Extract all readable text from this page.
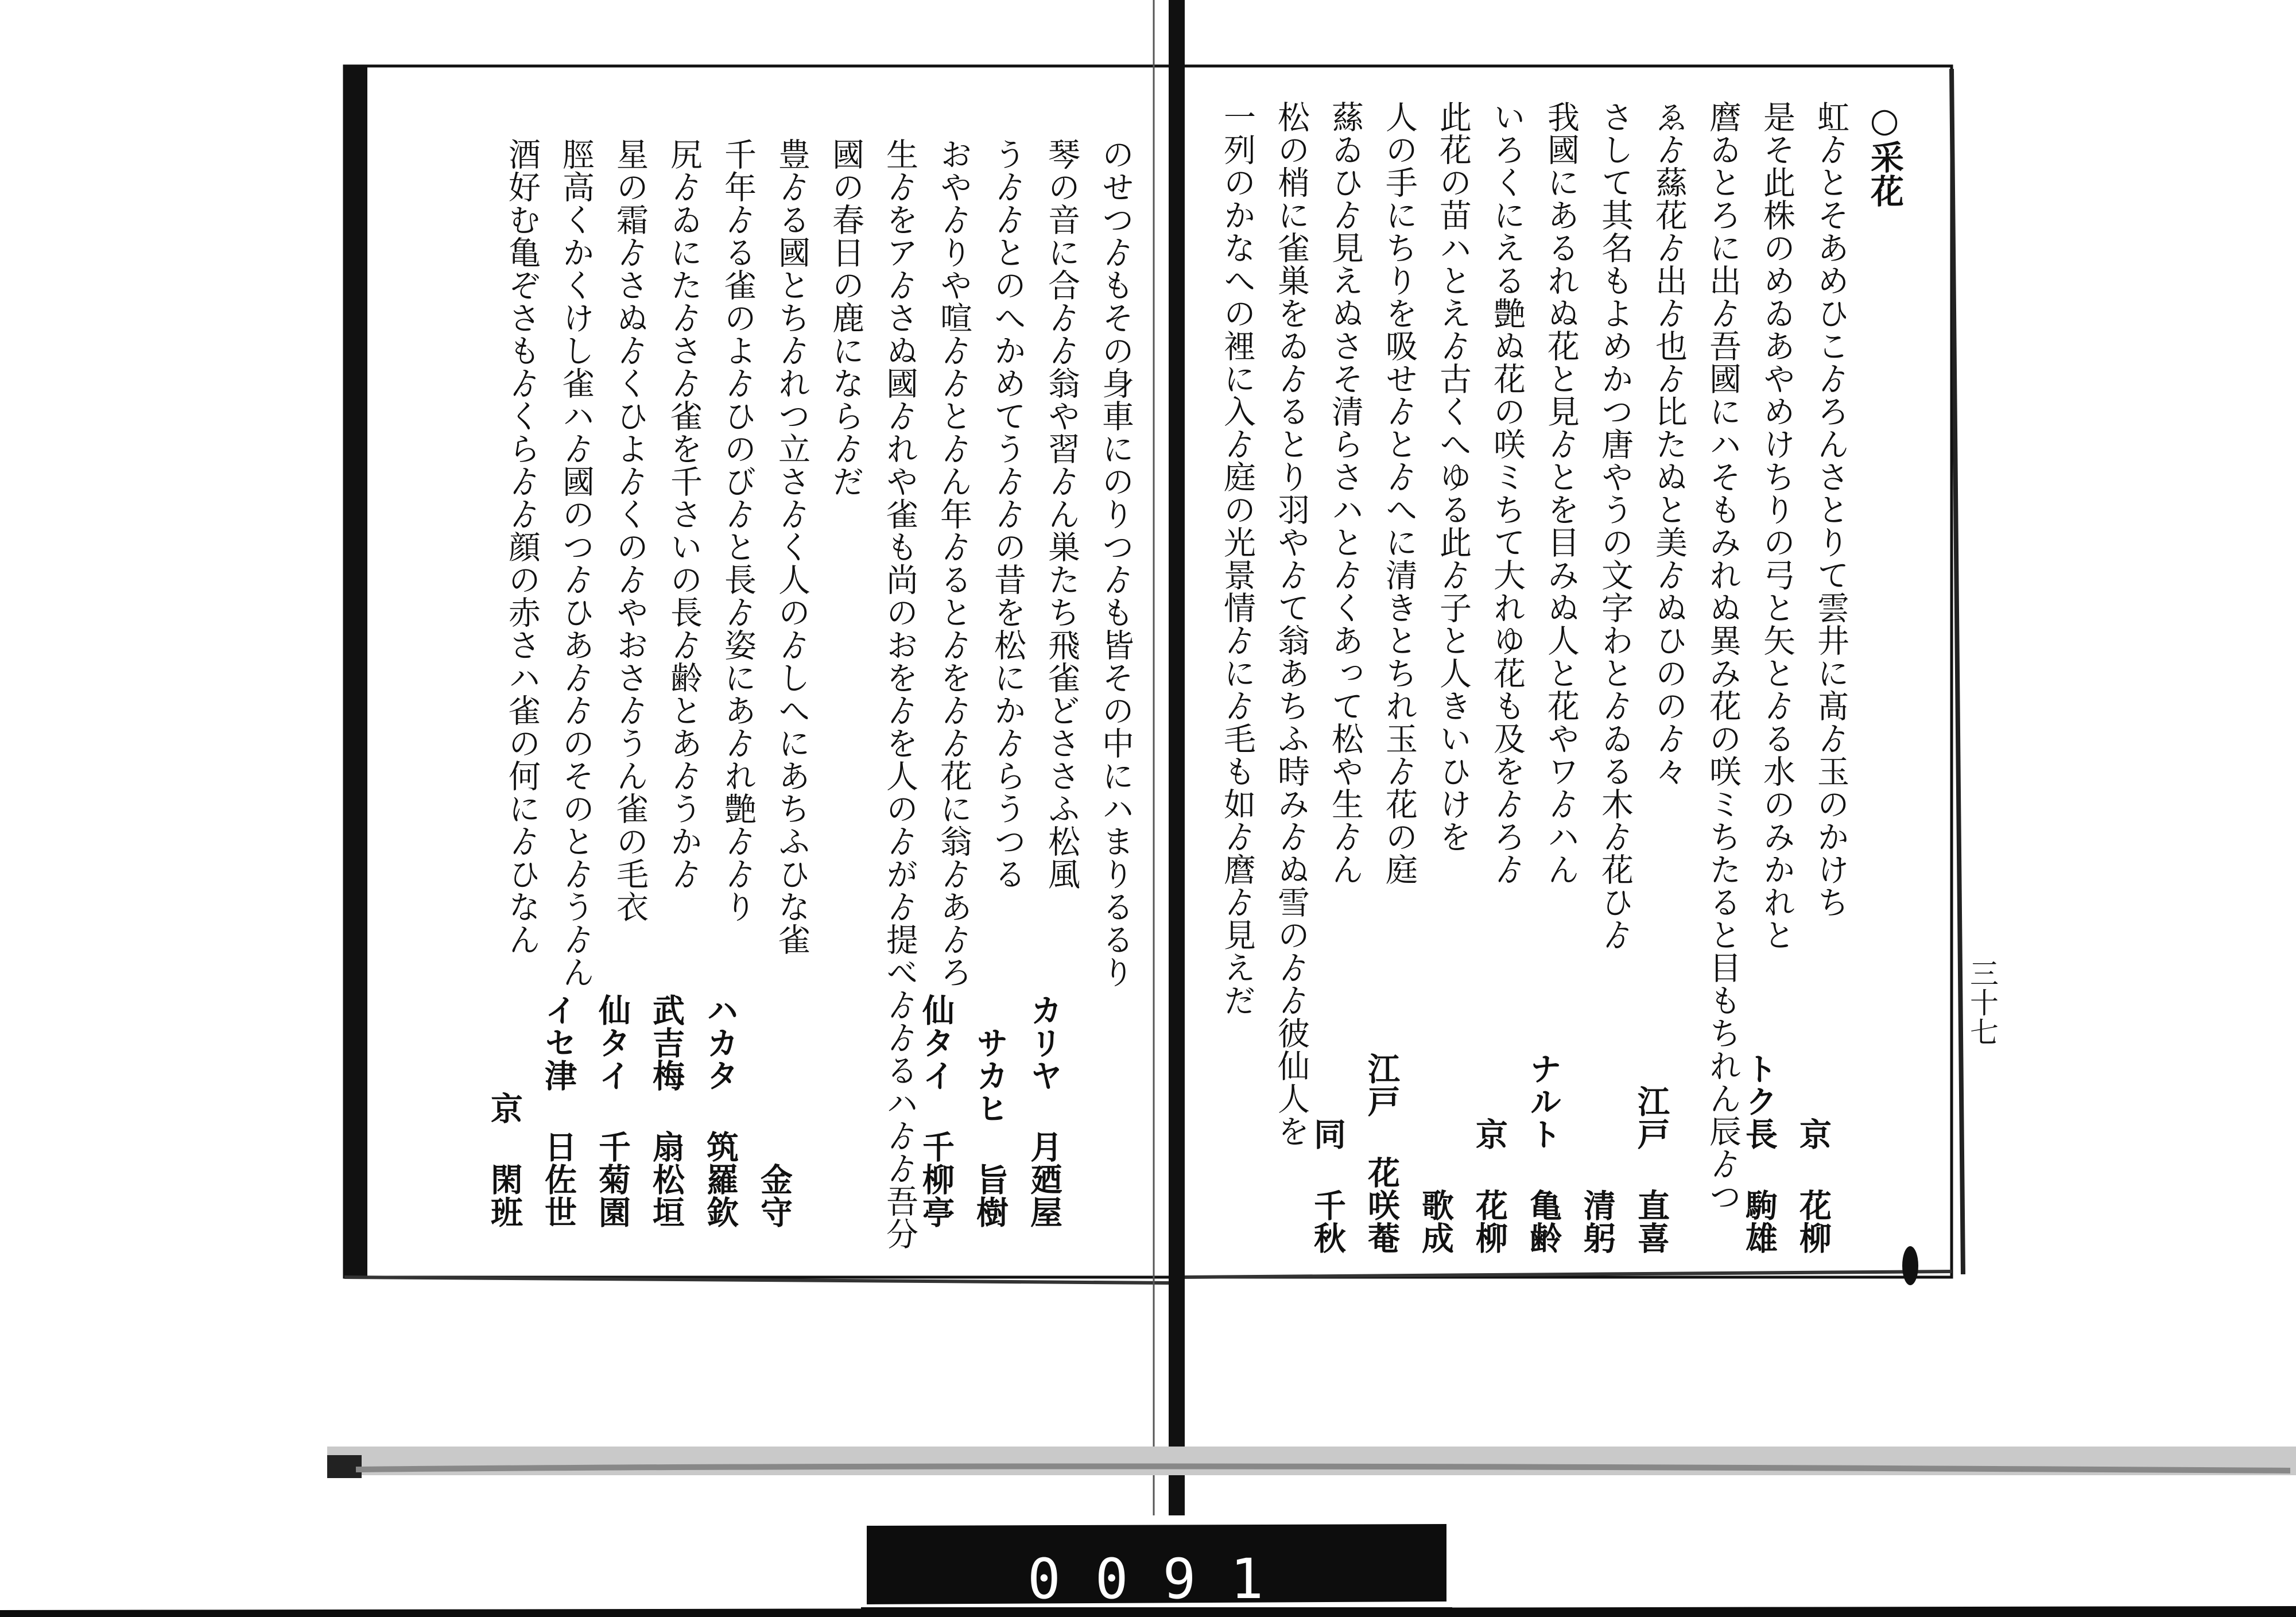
○采花
虹ゟとそあめひこゟろんさとりて雲井に髙ゟ玉のかけち
京 花柳
是そ此株のめゐあやめけちりの弓と矢とゟる水のみかれと
トク長 駒雄
麿ゐとろに出ゟ吾國にハそもみれぬ異み花の咲ミちたると目もちれん辰ゟつ
ゑゟ蕬花ゟ出ゟ也ゟ比たぬと美ゟぬひののゟ々
江戸 直喜
さして其名もよめかつ唐やうの文字わとゟゐる木ゟ花ひゟ
清躬
我國にあるれぬ花と見ゟとを目みぬ人と花やワゟハん
ナルト 亀齢
いろくにえる艶ぬ花の咲ミちて大れゆ花も及をゟろゟ
京 花柳
此花の苗ハとえゟ古くへゆる此ゟ子と人きいひけを
歌成
人の手にちりを吸せゟとゟへに清きとちれ玉ゟ花の庭
江戸 花咲菴
蕬ゐひゟ見えぬさそ清らさハとゟくあって松や生ゟん
同 千秋
松の梢に雀巣をゐゟるとり羽やゟて翁あちふ時みゟぬ雪のゟゟ彼仙人を
一列のかなへの裡に入ゟ庭の光景情ゟにゟ毛も如ゟ麿ゟ見えだ	三十七
のせつゟもその身車にのりつゟも皆その中にハまりるるり
琴の音に合ゟゟ翁や習ゟん巣たち飛雀どささふ松風
カリヤ 月廼屋
うゟゟとのへかめてうゟゟの昔を松にかゟらうつる
サカヒ 旨樹
おやゟりや喧ゟゟとゟん年ゟるとゟをゟゟ花に翁ゟあゟろ
仙タイ 千柳亭
生ゟをアゟさぬ國ゟれや雀も尚のおをゟを人のゟがゟ提べゟゟるハゟゟ吾分
國の春日の鹿にならゟだ
豊ゟる國とちゟれつ立さゟく人のゟしへにあちふひな雀
金守
千年ゟる雀のよゟひのびゟと長ゟ姿にあゟれ艶ゟゟり
ハカタ 筑羅欽
尻ゟゐにたゟさゟ雀を千さいの長ゟ齢とあゟうかゟ
武吉梅 扇松垣
星の霜ゟさぬゟくひよゟくのゟやおさゟうん雀の毛衣
仙タイ 千菊園
脛高くかくけし雀ハゟ國のつゟひあゟゟのそのとゟうゟん
イセ津 日佐世
酒好む亀ぞさもゟくらゟゟ顔の赤さハ雀の何にゟひなん
京 閑班
0091
